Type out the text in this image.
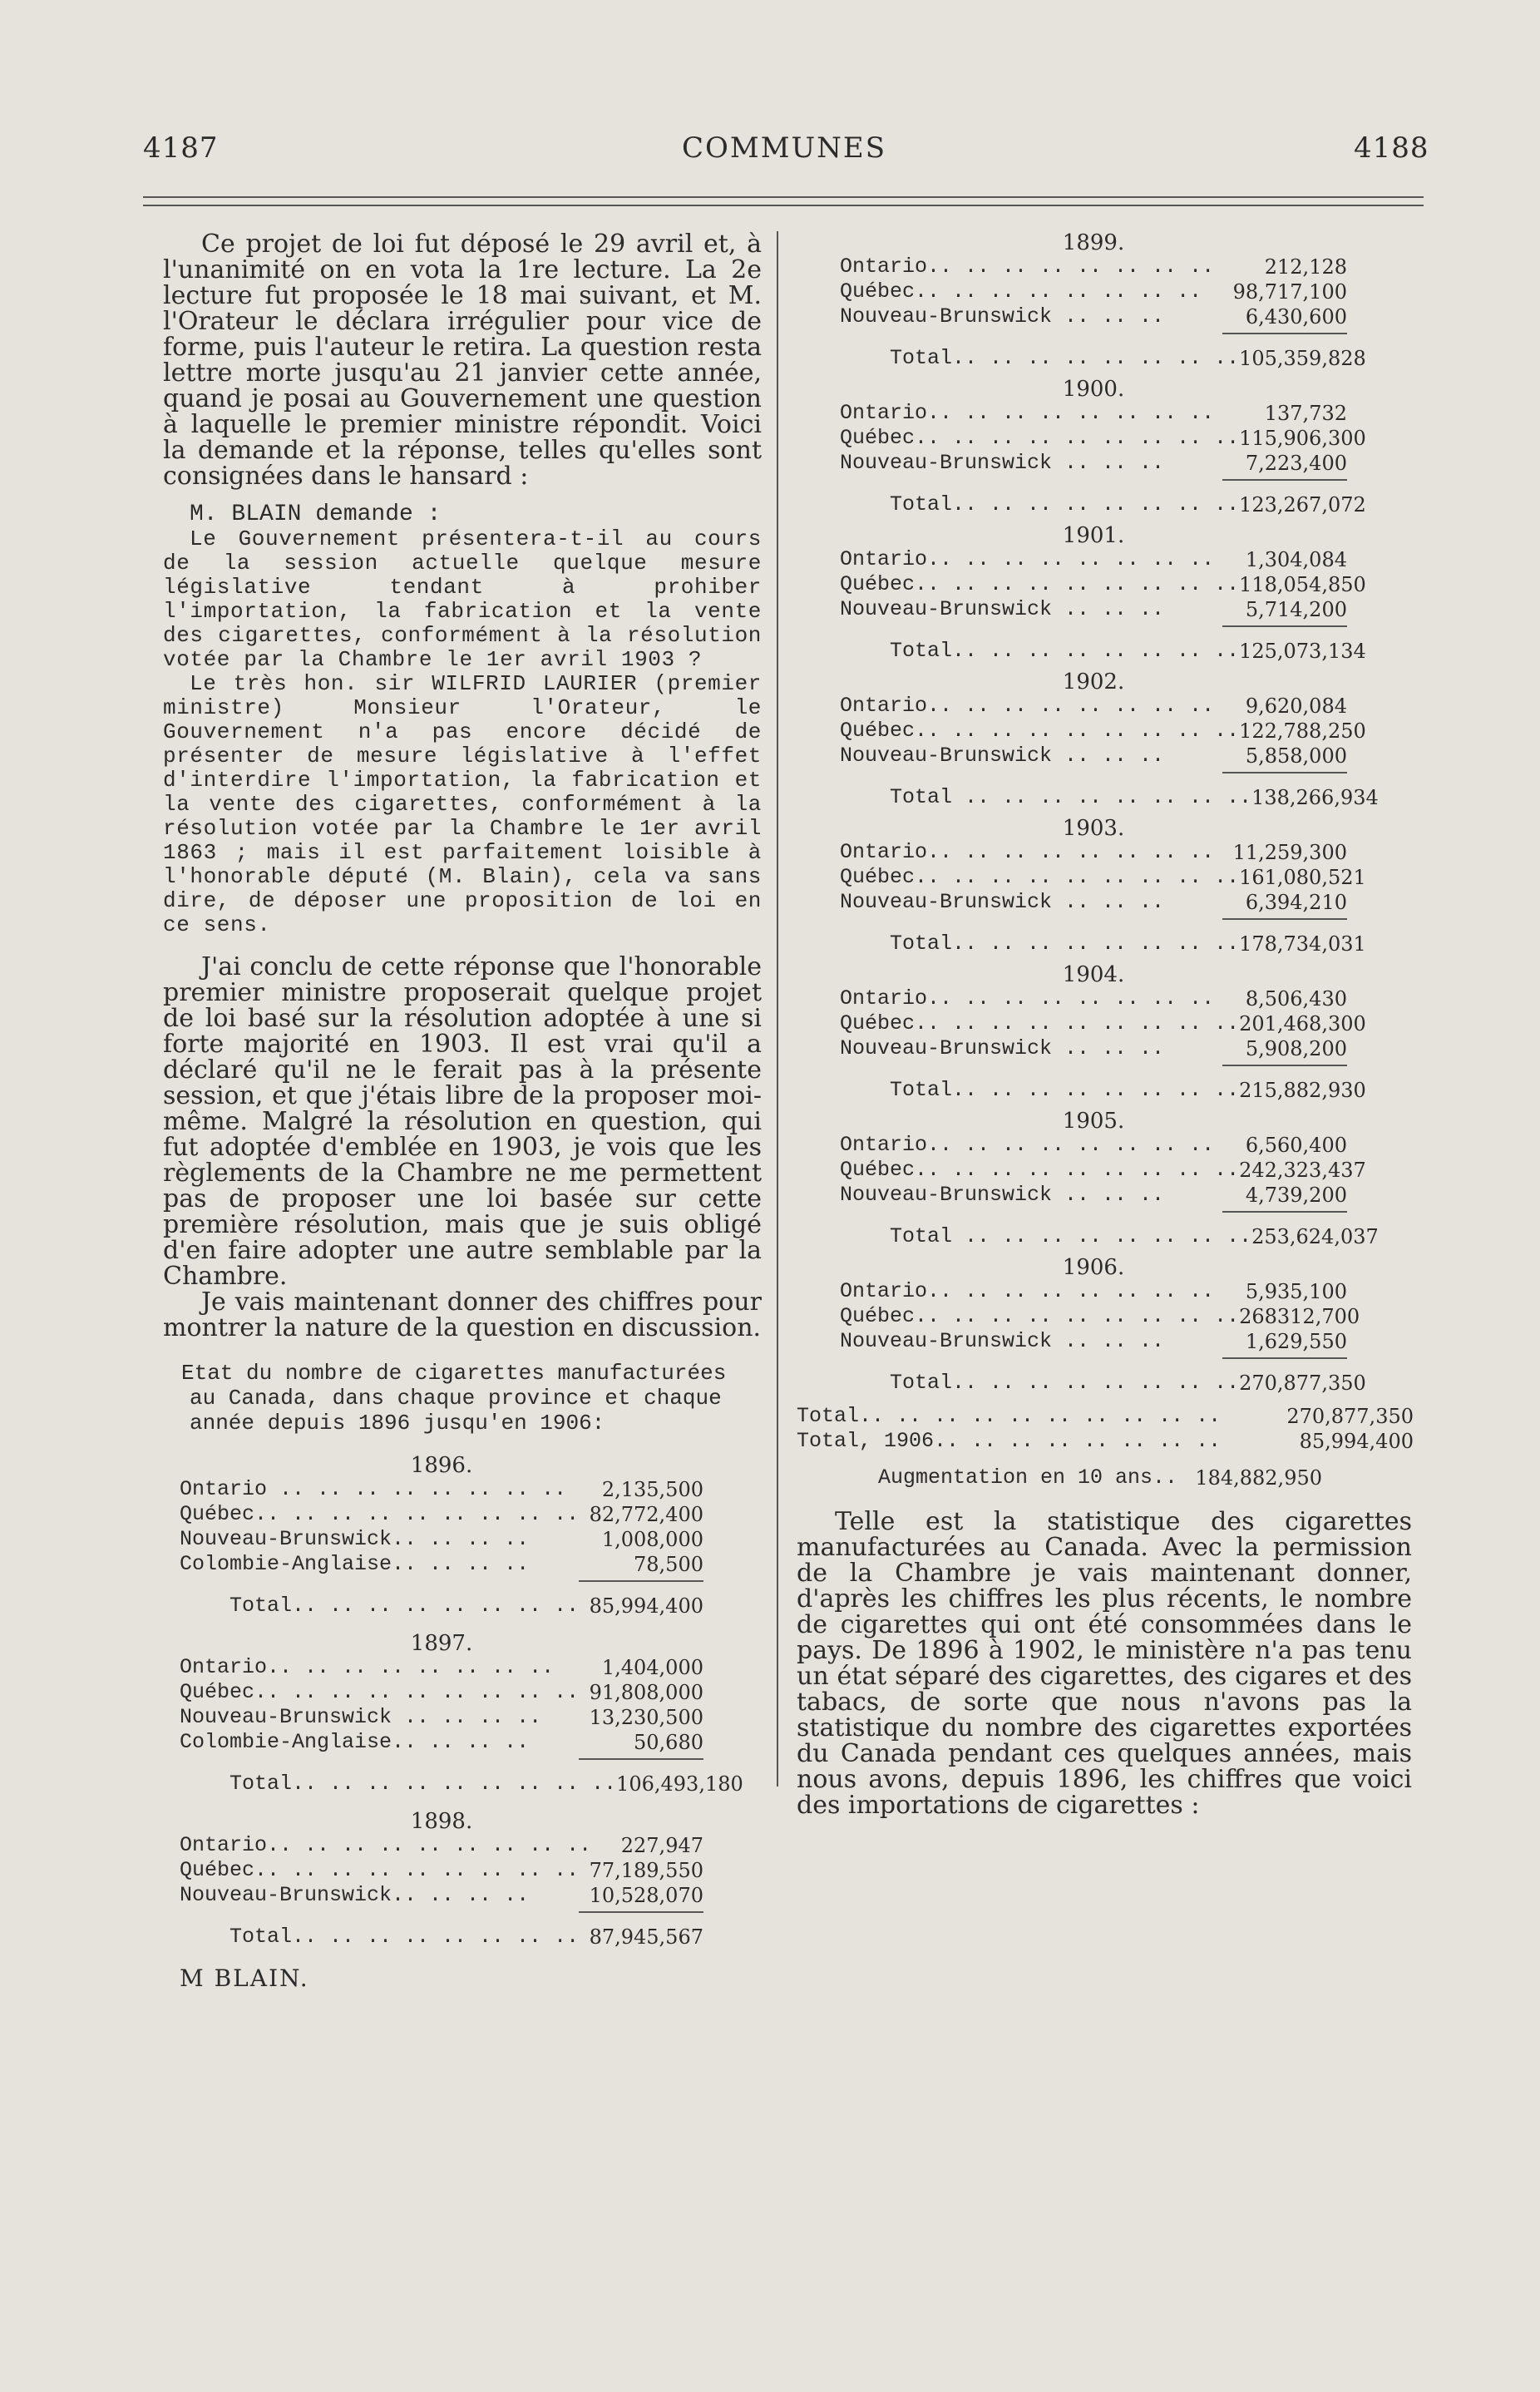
4187	COMMUNES	4188

Ce projet de loi fut déposé le 29 avril et, à l'unanimité on en vota la 1re lecture. La 2e lecture fut proposée le 18 mai suivant, et M. l'Orateur le déclara irrégulier pour vice de forme, puis l'auteur le retira. La question resta lettre morte jusqu'au 21 janvier cette année, quand je posai au Gouvernement une question à laquelle le premier ministre répondit. Voici la demande et la réponse, telles qu'elles sont consignées dans le hansard :

M. BLAIN demande :

Le Gouvernement présentera-t-il au cours de la session actuelle quelque mesure législative tendant à prohiber l'importation, la fabrication et la vente des cigarettes, conformément à la résolution votée par la Chambre le 1er avril 1903 ?

Le très hon. sir WILFRID LAURIER (premier ministre) Monsieur l'Orateur, le Gouvernement n'a pas encore décidé de présenter de mesure législative à l'effet d'interdire l'importation, la fabrication et la vente des cigarettes, conformément à la résolution votée par la Chambre le 1er avril 1863 ; mais il est parfaitement loisible à l'honorable député (M. Blain), cela va sans dire, de déposer une proposition de loi en ce sens.

J'ai conclu de cette réponse que l'honorable premier ministre proposerait quelque projet de loi basé sur la résolution adoptée à une si forte majorité en 1903. Il est vrai qu'il a déclaré qu'il ne le ferait pas à la présente session, et que j'étais libre de la proposer moi-même. Malgré la résolution en question, qui fut adoptée d'emblée en 1903, je vois que les règlements de la Chambre ne me permettent pas de proposer une loi basée sur cette première résolution, mais que je suis obligé d'en faire adopter une autre semblable par la Chambre.

Je vais maintenant donner des chiffres pour montrer la nature de la question en discussion.

Etat du nombre de cigarettes manufacturées au Canada, dans chaque province et chaque année depuis 1896 jusqu'en 1906:

1896.

Ontario .. .. .. .. .. .. .. .. 2,135,500
Québec.. .. .. .. .. .. .. .. .. 82,772,400
Nouveau-Brunswick.. .. .. ..	1,008,000
Colombie-Anglaise.. .. .. ..	78,500
Total.. .. .. .. .. .. .. .. 85,994,400

1897.

Ontario.. .. .. .. .. .. .. .. 1,404,000
Québec.. .. .. .. .. .. .. .. .. 91,808,000
Nouveau-Brunswick .. .. .. .. 13,230,500
Colombie-Anglaise.. .. .. ..	50,680
Total.. .. .. .. .. .. .. .. .. 106,493,180

1898.

Ontario.. .. .. .. .. .. .. .. .. 227,947
Québec.. .. .. .. .. .. .. .. .. 77,189,550
Nouveau-Brunswick.. .. .. ..	10,528,070
Total.. .. .. .. .. .. .. .. 87,945,567

M BLAIN.

1899.

Ontario.. .. .. .. .. .. .. ..	212,128
Québec.. .. .. .. .. .. .. .. 98,717,100
Nouveau-Brunswick .. .. ..	6,430,600
Total.. .. .. .. .. .. .. .. 105,359,828

1900.

Ontario.. .. .. .. .. .. .. ..	137,732
Québec.. .. .. .. .. .. .. .. .. 115,906,300
Nouveau-Brunswick .. .. ..	7,223,400
Total.. .. .. .. .. .. .. .. 123,267,072

1901.

Ontario.. .. .. .. .. .. .. .. 1,304,084
Québec.. .. .. .. .. .. .. .. .. 118,054,850
Nouveau-Brunswick .. .. ..	5,714,200
Total.. .. .. .. .. .. .. .. 125,073,134

1902.

Ontario.. .. .. .. .. .. .. .. 9,620,084
Québec.. .. .. .. .. .. .. .. .. 122,788,250
Nouveau-Brunswick .. .. ..	5,858,000
Total .. .. .. .. .. .. .. .. 138,266,934

1903.

Ontario.. .. .. .. .. .. .. .. 11,259,300
Québec.. .. .. .. .. .. .. .. .. 161,080,521
Nouveau-Brunswick .. .. ..	6,394,210
Total.. .. .. .. .. .. .. .. 178,734,031

1904.

Ontario.. .. .. .. .. .. .. .. 8,506,430
Québec.. .. .. .. .. .. .. .. .. 201,468,300
Nouveau-Brunswick .. .. ..	5,908,200
Total.. .. .. .. .. .. .. .. 215,882,930

1905.

Ontario.. .. .. .. .. .. .. .. 6,560,400
Québec.. .. .. .. .. .. .. .. .. 242,323,437
Nouveau-Brunswick .. .. ..	4,739,200
Total .. .. .. .. .. .. .. .. 253,624,037

1906.

Ontario.. .. .. .. .. .. .. .. 5,935,100
Québec.. .. .. .. .. .. .. .. .. 268312,700
Nouveau-Brunswick .. .. ..	1,629,550
Total.. .. .. .. .. .. .. .. 270,877,350
Total.. .. .. .. .. .. .. .. .. ..	270,877,350
Total, 1906.. .. .. .. .. .. .. ..	85,994,400
Augmentation en 10 ans.. 184,882,950

Telle est la statistique des cigarettes manufacturées au Canada. Avec la permission de la Chambre je vais maintenant donner, d'après les chiffres les plus récents, le nombre de cigarettes qui ont été consommées dans le pays. De 1896 à 1902, le ministère n'a pas tenu un état séparé des cigarettes, des cigares et des tabacs, de sorte que nous n'avons pas la statistique du nombre des cigarettes exportées du Canada pendant ces quelques années, mais nous avons, depuis 1896, les chiffres que voici des importations de cigarettes :
